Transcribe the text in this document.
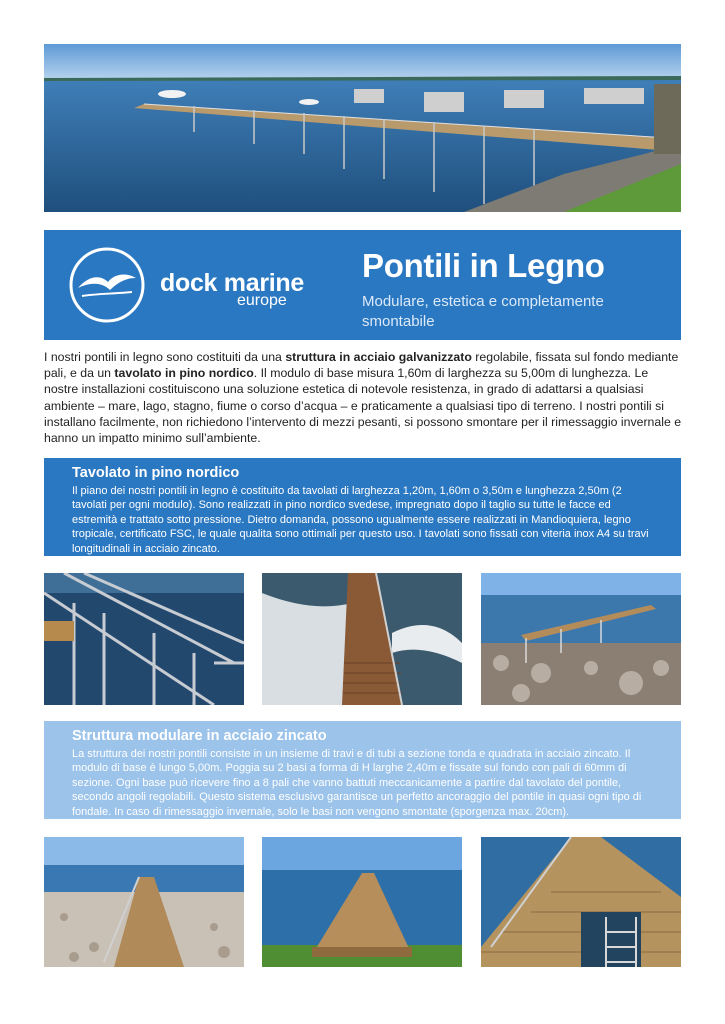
dock marine
europe
Pontili in Legno
Modulare, estetica e completamente smontabile
I nostri pontili in legno sono costituiti da una struttura in acciaio galvanizzato regolabile, fissata sul fondo mediante pali, e da un tavolato in pino nordico. Il modulo di base misura 1,60m di larghezza su 5,00m di lunghezza. Le nostre installazioni costituiscono una soluzione estetica di notevole resistenza, in grado di adattarsi a qualsiasi ambiente – mare, lago, stagno, fiume o corso d’acqua – e praticamente a qualsiasi tipo di terreno. I nostri pontili si installano facilmente, non richiedono l’intervento di mezzi pesanti, si possono smontare per il rimessaggio invernale e hanno un impatto minimo sull’ambiente.
Tavolato in pino nordico
Il piano dei nostri pontili in legno è costituito da tavolati di larghezza 1,20m, 1,60m o 3,50m e lunghezza 2,50m (2 tavolati per ogni modulo). Sono realizzati in pino nordico svedese, impregnato dopo il taglio su tutte le facce ed estremità e trattato sotto pressione. Dietro domanda, possono ugualmente essere realizzati in Mandioquiera, legno tropicale, certificato FSC, le quale qualita sono ottimali per questo uso. I tavolati sono fissati con viteria inox A4 su travi longitudinali in acciaio zincato.
Struttura modulare in acciaio zincato
La struttura dei nostri pontili consiste in un insieme di travi e di tubi a sezione tonda e quadrata in acciaio zincato. Il modulo di base è lungo 5,00m. Poggia su 2 basi a forma di H larghe 2,40m e fissate sul fondo con pali di 60mm di sezione. Ogni base può ricevere fino a 8 pali che vanno battuti meccanicamente a partire dal tavolato del pontile, secondo angoli regolabili. Questo sistema esclusivo garantisce un perfetto ancoraggio del pontile in quasi ogni tipo di fondale. In caso di rimessaggio invernale, solo le basi non vengono smontate (sporgenza max. 20cm).
